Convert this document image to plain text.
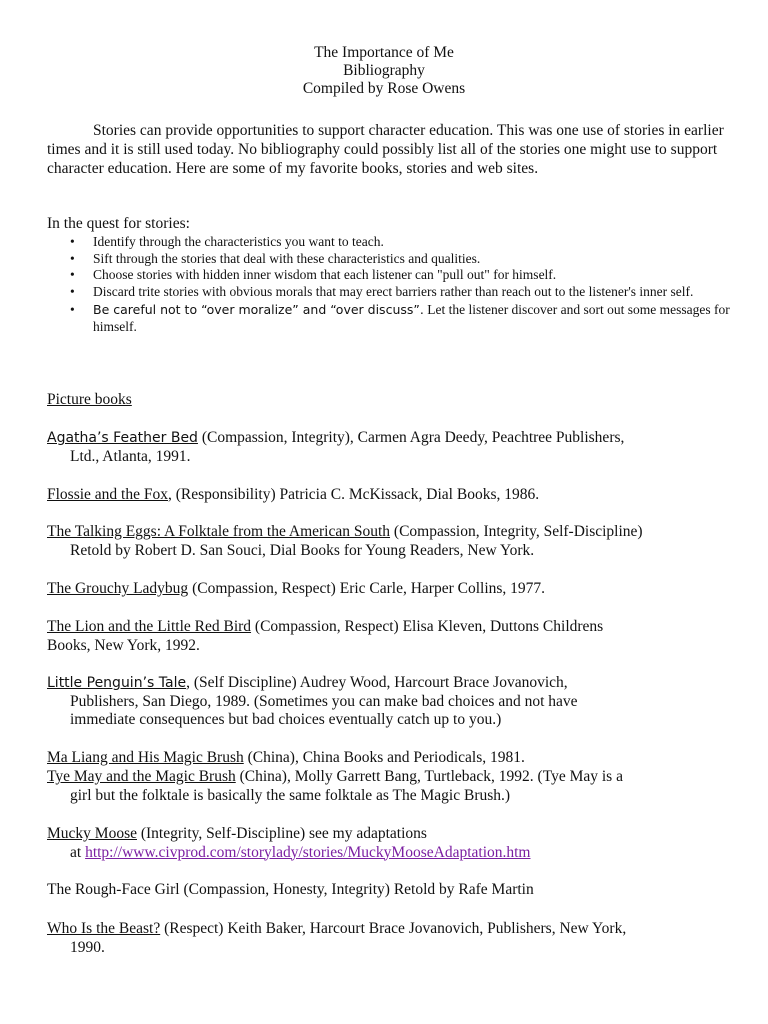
The Importance of Me
Bibliography
Compiled by Rose Owens
Stories can provide opportunities to support character education. This was one use of stories in earlier times and it is still used today. No bibliography could possibly list all of the stories one might use to support character education. Here are some of my favorite books, stories and web sites.
In the quest for stories:
• Identify through the characteristics you want to teach.
• Sift through the stories that deal with these characteristics and qualities.
• Choose stories with hidden inner wisdom that each listener can "pull out" for himself.
• Discard trite stories with obvious morals that may erect barriers rather than reach out to the listener's inner self.
• Be careful not to “over moralize” and “over discuss”. Let the listener discover and sort out some messages for himself.
Picture books
Agatha’s Feather Bed (Compassion, Integrity), Carmen Agra Deedy, Peachtree Publishers,
Ltd., Atlanta, 1991.
Flossie and the Fox, (Responsibility) Patricia C. McKissack, Dial Books, 1986.
The Talking Eggs: A Folktale from the American South (Compassion, Integrity, Self-Discipline)
Retold by Robert D. San Souci, Dial Books for Young Readers, New York.
The Grouchy Ladybug (Compassion, Respect) Eric Carle, Harper Collins, 1977.
The Lion and the Little Red Bird (Compassion, Respect) Elisa Kleven, Duttons Childrens
Books, New York, 1992.
Little Penguin’s Tale, (Self Discipline) Audrey Wood, Harcourt Brace Jovanovich,
Publishers, San Diego, 1989. (Sometimes you can make bad choices and not have
immediate consequences but bad choices eventually catch up to you.)
Ma Liang and His Magic Brush (China), China Books and Periodicals, 1981.
Tye May and the Magic Brush (China), Molly Garrett Bang, Turtleback, 1992. (Tye May is a
girl but the folktale is basically the same folktale as The Magic Brush.)
Mucky Moose (Integrity, Self-Discipline) see my adaptations
at http://www.civprod.com/storylady/stories/MuckyMooseAdaptation.htm
The Rough-Face Girl (Compassion, Honesty, Integrity) Retold by Rafe Martin
Who Is the Beast? (Respect) Keith Baker, Harcourt Brace Jovanovich, Publishers, New York,
1990.
